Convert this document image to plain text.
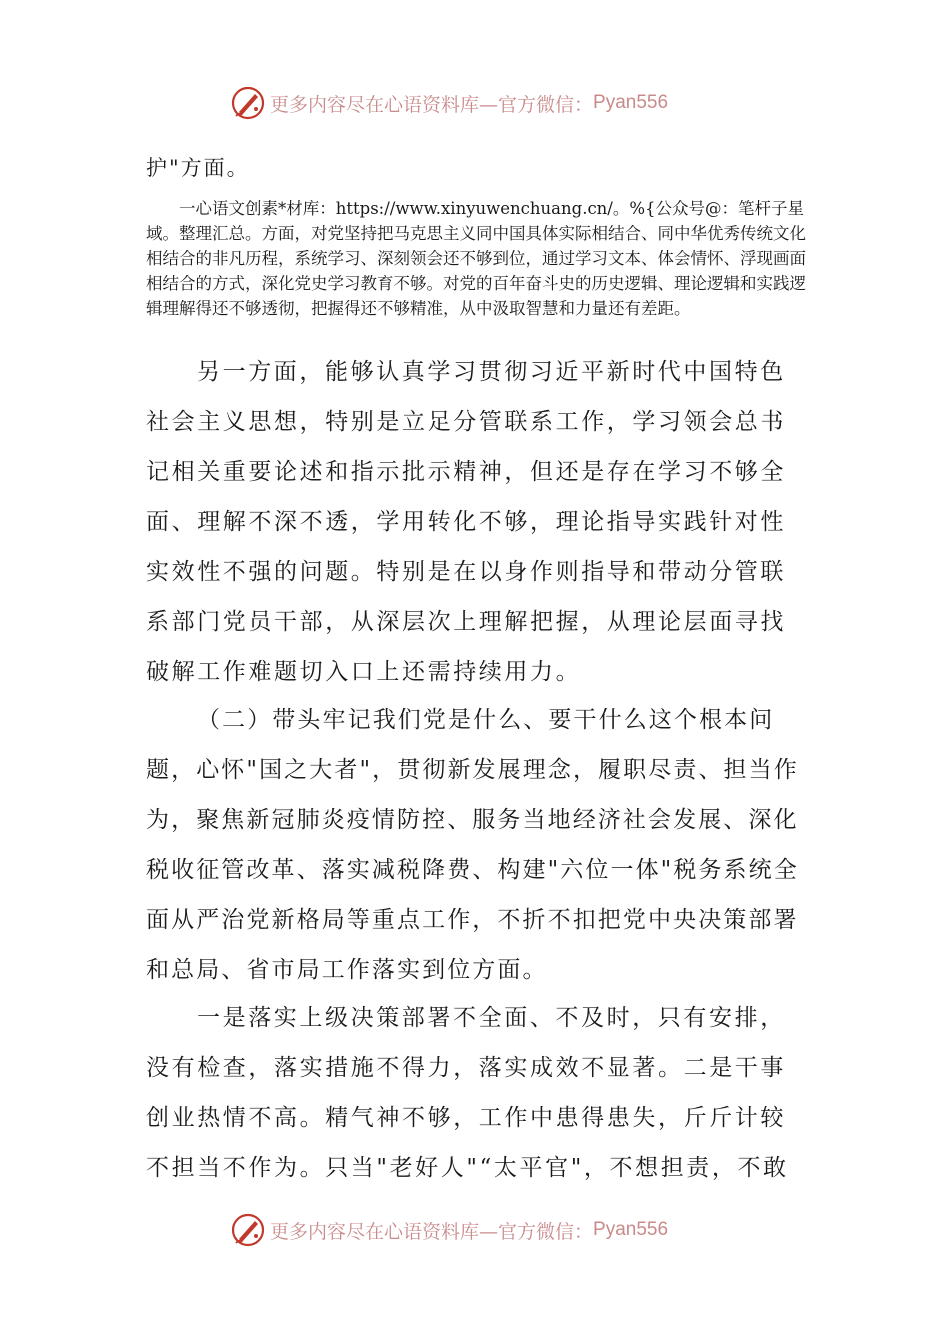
更多内容尽在心语资料库—官方微信： Pyan556

护"方面。

一心语文创素*材库：https://www.xinyuwenchuang.cn/。%{公众号@：笔杆子星域。整理汇总。方面，对党坚持把马克思主义同中国具体实际相结合、同中华优秀传统文化相结合的非凡历程，系统学习、深刻领会还不够到位，通过学习文本、体会情怀、浮现画面相结合的方式，深化党史学习教育不够。对党的百年奋斗史的历史逻辑、理论逻辑和实践逻辑理解得还不够透彻，把握得还不够精准，从中汲取智慧和力量还有差距。

另一方面，能够认真学习贯彻习近平新时代中国特色社会主义思想，特别是立足分管联系工作，学习领会总书记相关重要论述和指示批示精神，但还是存在学习不够全面、理解不深不透，学用转化不够，理论指导实践针对性实效性不强的问题。特别是在以身作则指导和带动分管联系部门党员干部，从深层次上理解把握，从理论层面寻找破解工作难题切入口上还需持续用力。

（二）带头牢记我们党是什么、要干什么这个根本问题，心怀"国之大者"，贯彻新发展理念，履职尽责、担当作为，聚焦新冠肺炎疫情防控、服务当地经济社会发展、深化税收征管改革、落实减税降费、构建"六位一体"税务系统全面从严治党新格局等重点工作，不折不扣把党中央决策部署和总局、省市局工作落实到位方面。

一是落实上级决策部署不全面、不及时，只有安排，没有检查，落实措施不得力，落实成效不显著。二是干事创业热情不高。精气神不够，工作中患得患失，斤斤计较不担当不作为。只当"老好人"“太平官"，不想担责，不敢

更多内容尽在心语资料库—官方微信： Pyan556
